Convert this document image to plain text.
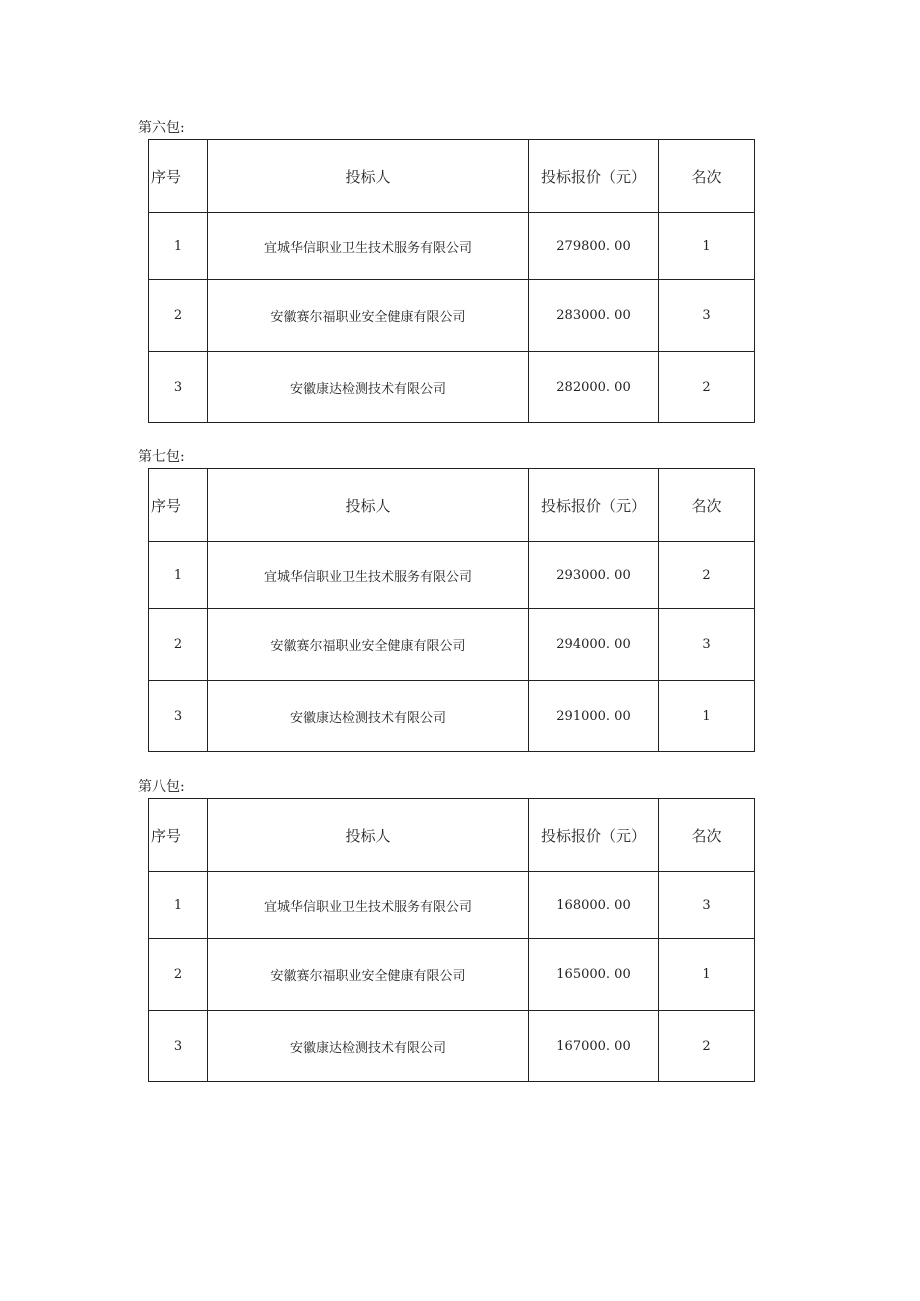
第六包:
序号	投标人	投标报价（元）	名次
1	宜城华信职业卫生技术服务有限公司	279800. 00	1
2	安徽赛尔福职业安全健康有限公司	283000. 00	3
3	安徽康达检测技术有限公司	282000. 00	2
第七包:
序号	投标人	投标报价（元）	名次
1	宜城华信职业卫生技术服务有限公司	293000. 00	2
2	安徽赛尔福职业安全健康有限公司	294000. 00	3
3	安徽康达检测技术有限公司	291000. 00	1
第八包:
序号	投标人	投标报价（元）	名次
1	宜城华信职业卫生技术服务有限公司	168000. 00	3
2	安徽赛尔福职业安全健康有限公司	165000. 00	1
3	安徽康达检测技术有限公司	167000. 00	2
